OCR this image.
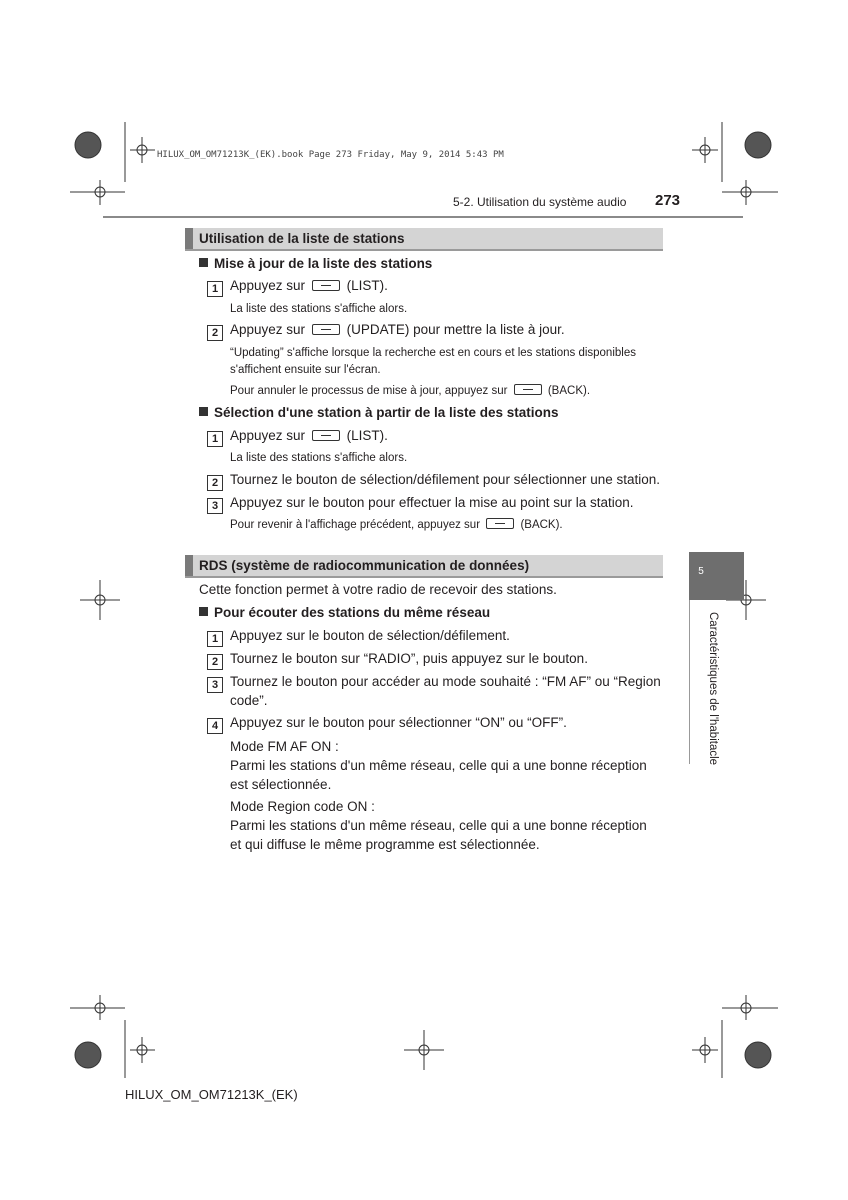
HILUX_OM_OM71213K_(EK).book Page 273 Friday, May 9, 2014 5:43 PM
5-2. Utilisation du système audio 273
Utilisation de la liste de stations
Mise à jour de la liste des stations
1 Appuyez sur	(LIST).
La liste des stations s'affiche alors.
2 Appuyez sur	(UPDATE) pour mettre la liste à jour.
“Updating” s'affiche lorsque la recherche est en cours et les stations disponibles s'affichent ensuite sur l'écran.
Pour annuler le processus de mise à jour, appuyez sur	(BACK).
Sélection d'une station à partir de la liste des stations
1 Appuyez sur	(LIST).
La liste des stations s'affiche alors.
2 Tournez le bouton de sélection/défilement pour sélectionner une station.
3 Appuyez sur le bouton pour effectuer la mise au point sur la station.
Pour revenir à l'affichage précédent, appuyez sur	(BACK).
RDS (système de radiocommunication de données)
Cette fonction permet à votre radio de recevoir des stations.
Pour écouter des stations du même réseau
1 Appuyez sur le bouton de sélection/défilement.
2 Tournez le bouton sur “RADIO”, puis appuyez sur le bouton.
3 Tournez le bouton pour accéder au mode souhaité : “FM AF” ou “Region
code”.
4 Appuyez sur le bouton pour sélectionner “ON” ou “OFF”.
Mode FM AF ON :
Parmi les stations d'un même réseau, celle qui a une bonne réception est sélectionnée.
Mode Region code ON :
Parmi les stations d'un même réseau, celle qui a une bonne réception et qui diffuse le même programme est sélectionnée.
5
Caractéristiques de l'habitacle
HILUX_OM_OM71213K_(EK)
